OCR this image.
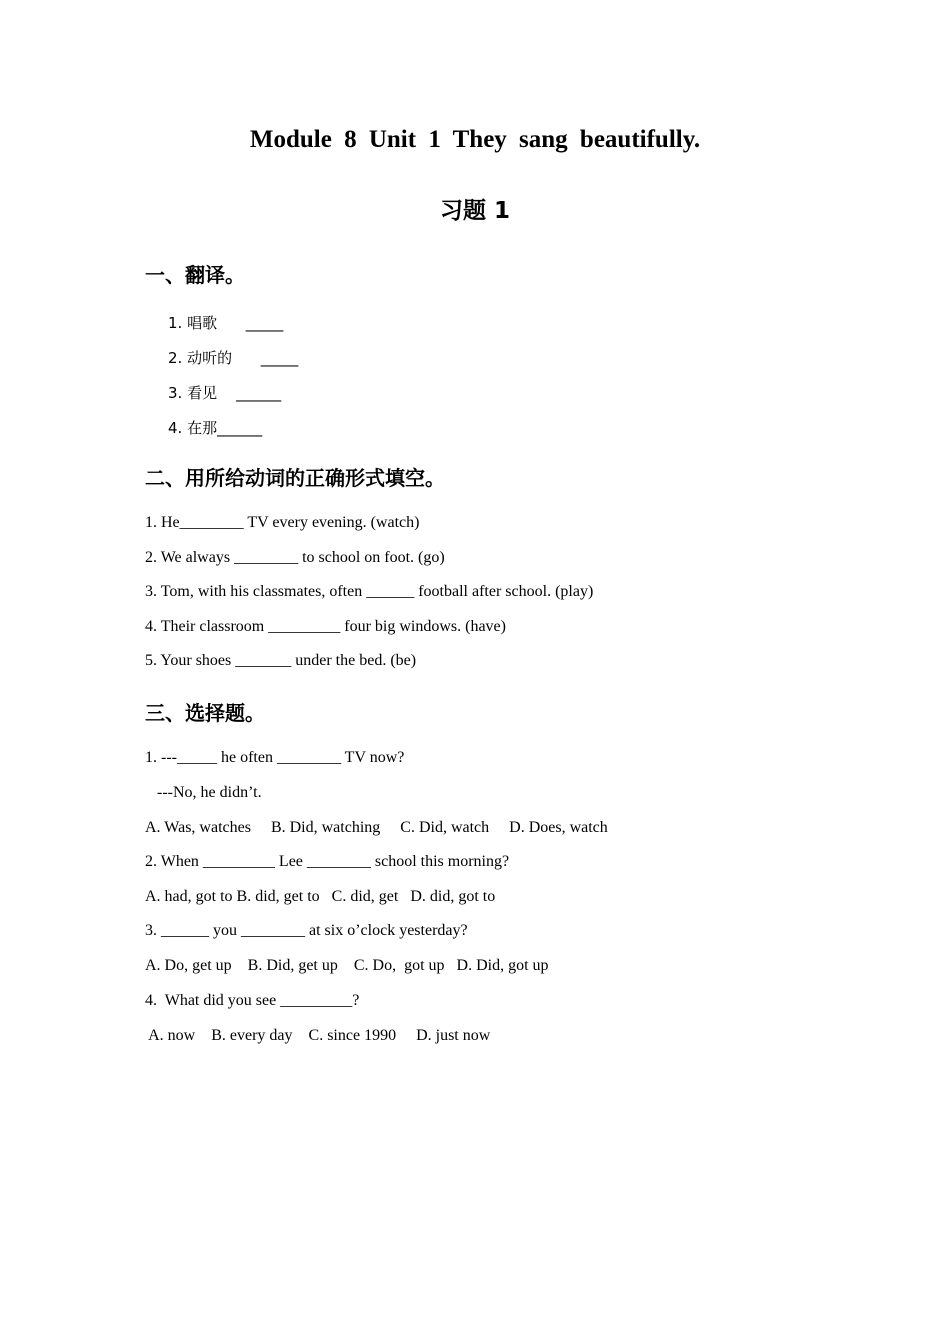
Module 8 Unit 1 They sang beautifully.
习题 1
一、翻译。
1. 唱歌      _____
2. 动听的      _____
3. 看见    ______
4. 在那______
二、用所给动词的正确形式填空。
1. He________ TV every evening. (watch)
2. We always ________ to school on foot. (go)
3. Tom, with his classmates, often ______ football after school. (play)
4. Their classroom _________ four big windows. (have)
5. Your shoes _______ under the bed. (be)
三、选择题。
1. ---_____ he often ________ TV now?
---No, he didn’t.
A. Was, watches     B. Did, watching     C. Did, watch     D. Does, watch
2. When _________ Lee ________ school this morning?
A. had, got to B. did, get to   C. did, get   D. did, got to
3. ______ you ________ at six o’clock yesterday?
A. Do, get up    B. Did, get up    C. Do,  got up   D. Did, got up
4.  What did you see _________?
A. now    B. every day    C. since 1990     D. just now
